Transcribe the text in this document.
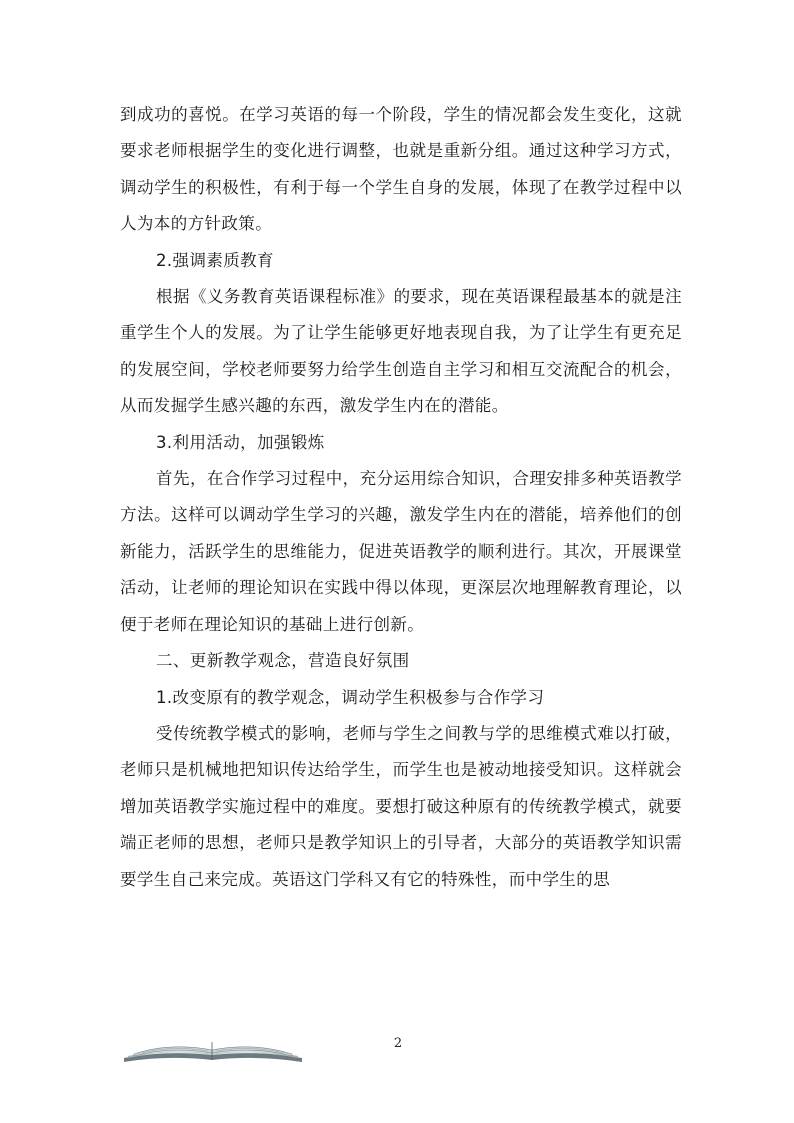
到成功的喜悦。在学习英语的每一个阶段，学生的情况都会发生变化，这就要求老师根据学生的变化进行调整，也就是重新分组。通过这种学习方式，调动学生的积极性，有利于每一个学生自身的发展，体现了在教学过程中以人为本的方针政策。

2.强调素质教育

根据《义务教育英语课程标准》的要求，现在英语课程最基本的就是注重学生个人的发展。为了让学生能够更好地表现自我，为了让学生有更充足的发展空间，学校老师要努力给学生创造自主学习和相互交流配合的机会，从而发掘学生感兴趣的东西，激发学生内在的潜能。

3.利用活动，加强锻炼

首先，在合作学习过程中，充分运用综合知识，合理安排多种英语教学方法。这样可以调动学生学习的兴趣，激发学生内在的潜能，培养他们的创新能力，活跃学生的思维能力，促进英语教学的顺利进行。其次，开展课堂活动，让老师的理论知识在实践中得以体现，更深层次地理解教育理论，以便于老师在理论知识的基础上进行创新。

二、更新教学观念，营造良好氛围

1.改变原有的教学观念，调动学生积极参与合作学习

受传统教学模式的影响，老师与学生之间教与学的思维模式难以打破，老师只是机械地把知识传达给学生，而学生也是被动地接受知识。这样就会增加英语教学实施过程中的难度。要想打破这种原有的传统教学模式，就要端正老师的思想，老师只是教学知识上的引导者，大部分的英语教学知识需要学生自己来完成。英语这门学科又有它的特殊性，而中学生的思

2
